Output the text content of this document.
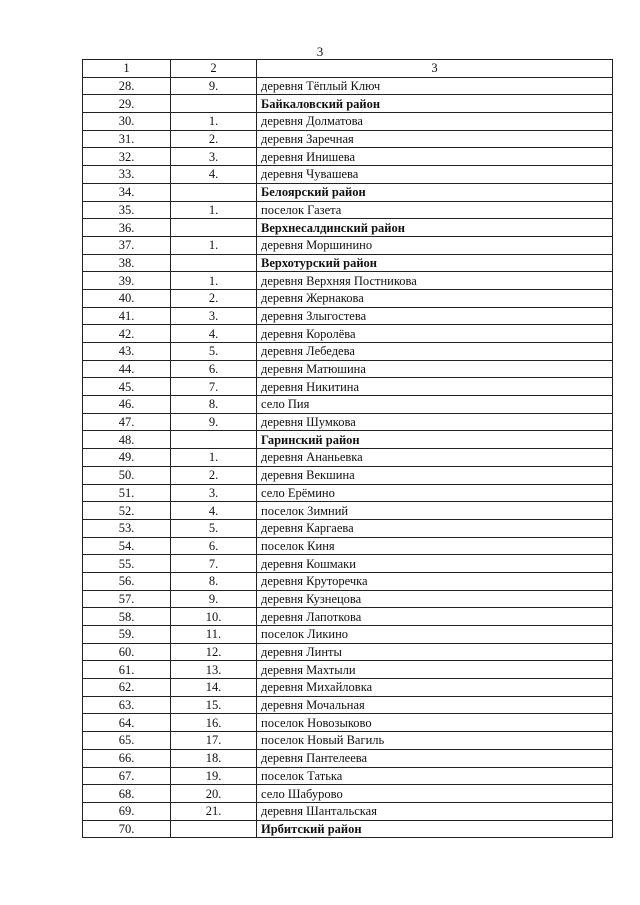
3
1	2	3
28.	9.	деревня Тёплый Ключ
29.		Байкаловский район
30.	1.	деревня Долматова
31.	2.	деревня Заречная
32.	3.	деревня Инишева
33.	4.	деревня Чувашева
34.		Белоярский район
35.	1.	поселок Газета
36.		Верхнесалдинский район
37.	1.	деревня Моршинино
38.		Верхотурский район
39.	1.	деревня Верхняя Постникова
40.	2.	деревня Жернакова
41.	3.	деревня Злыгостева
42.	4.	деревня Королёва
43.	5.	деревня Лебедева
44.	6.	деревня Матюшина
45.	7.	деревня Никитина
46.	8.	село Пия
47.	9.	деревня Шумкова
48.		Гаринский район
49.	1.	деревня Ананьевка
50.	2.	деревня Векшина
51.	3.	село Ерёмино
52.	4.	поселок Зимний
53.	5.	деревня Каргаева
54.	6.	поселок Киня
55.	7.	деревня Кошмаки
56.	8.	деревня Круторечка
57.	9.	деревня Кузнецова
58.	10.	деревня Лапоткова
59.	11.	поселок Ликино
60.	12.	деревня Линты
61.	13.	деревня Махтыли
62.	14.	деревня Михайловка
63.	15.	деревня Мочальная
64.	16.	поселок Новозыково
65.	17.	поселок Новый Вагиль
66.	18.	деревня Пантелеева
67.	19.	поселок Татька
68.	20.	село Шабурово
69.	21.	деревня Шантальская
70.		Ирбитский район
